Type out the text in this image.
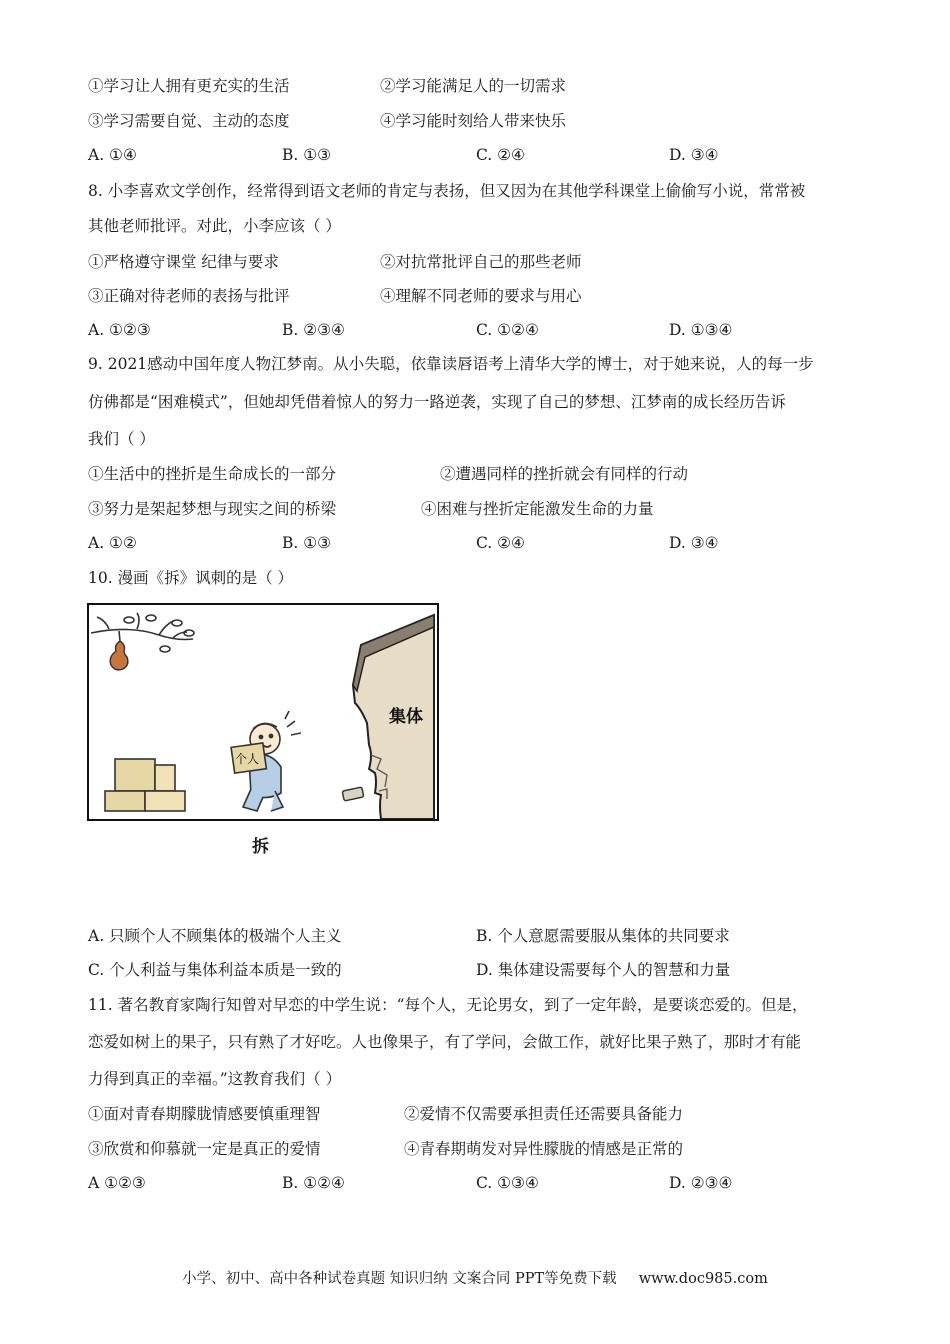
①学习让人拥有更充实的生活	②学习能满足人的一切需求
③学习需要自觉、主动的态度	④学习能时刻给人带来快乐
A. ①④	B. ①③	C. ②④	D. ③④
8. 小李喜欢文学创作，经常得到语文老师的肯定与表扬，但又因为在其他学科课堂上偷偷写小说，常常被
其他老师批评。对此，小李应该（ ）
①严格遵守课堂 纪律与要求	②对抗常批评自己的那些老师
③正确对待老师的表扬与批评	④理解不同老师的要求与用心
A. ①②③	B. ②③④	C. ①②④	D. ①③④
9. 2021感动中国年度人物江梦南。从小失聪，依靠读唇语考上清华大学的博士，对于她来说，人的每一步
仿佛都是“困难模式”，但她却凭借着惊人的努力一路逆袭，实现了自己的梦想、江梦南的成长经历告诉
我们（ ）
①生活中的挫折是生命成长的一部分	②遭遇同样的挫折就会有同样的行动
③努力是架起梦想与现实之间的桥梁	④困难与挫折定能激发生命的力量
A. ①②	B. ①③	C. ②④	D. ③④
10. 漫画《拆》讽刺的是（ ）
集体
个人
拆
A. 只顾个人不顾集体的极端个人主义	B. 个人意愿需要服从集体的共同要求
C. 个人利益与集体利益本质是一致的	D. 集体建设需要每个人的智慧和力量
11. 著名教育家陶行知曾对早恋的中学生说：“每个人，无论男女，到了一定年龄，是要谈恋爱的。但是，
恋爱如树上的果子，只有熟了才好吃。人也像果子，有了学问，会做工作，就好比果子熟了，那时才有能
力得到真正的幸福。”这教育我们（ ）
①面对青春期朦胧情感要慎重理智	②爱情不仅需要承担责任还需要具备能力
③欣赏和仰慕就一定是真正的爱情	④青春期萌发对异性朦胧的情感是正常的
A ①②③	B. ①②④	C. ①③④	D. ②③④
小学、初中、高中各种试卷真题 知识归纳 文案合同 PPT等免费下载 www.doc985.com
